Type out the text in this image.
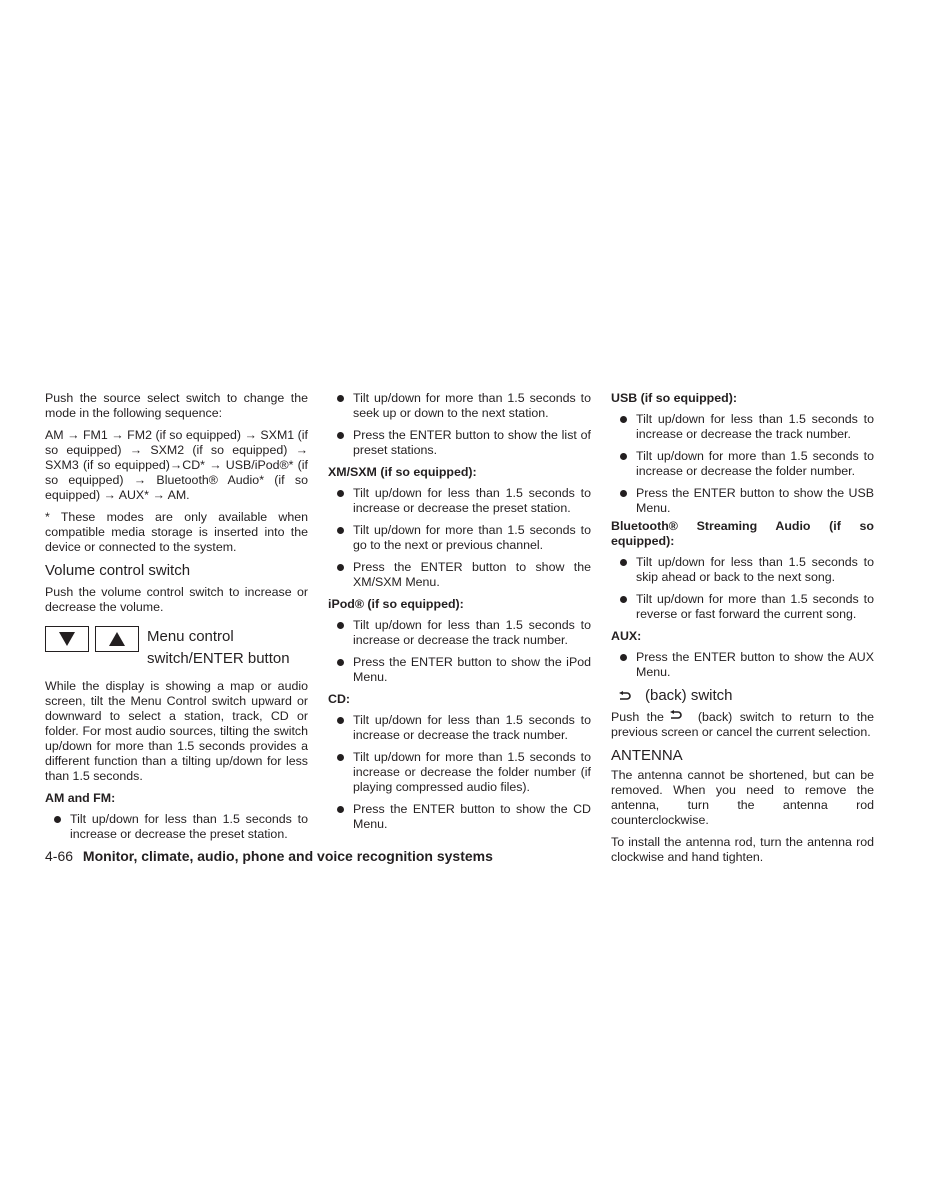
Push the source select switch to change the mode in the following sequence:

AM → FM1 → FM2 (if so equipped) → SXM1 (if so equipped) → SXM2 (if so equipped) → SXM3 (if so equipped)→CD* → USB/iPod®* (if so equipped) → Bluetooth® Audio* (if so equipped) → AUX* → AM.

* These modes are only available when compatible media storage is inserted into the device or connected to the system.

Volume control switch

Push the volume control switch to increase or decrease the volume.

Menu control
switch/ENTER button

While the display is showing a map or audio screen, tilt the Menu Control switch upward or downward to select a station, track, CD or folder. For most audio sources, tilting the switch up/down for more than 1.5 seconds provides a different function than a tilting up/down for less than 1.5 seconds.

AM and FM:
Tilt up/down for less than 1.5 seconds to increase or decrease the preset station.
Tilt up/down for more than 1.5 seconds to seek up or down to the next station.
Press the ENTER button to show the list of preset stations.
XM/SXM (if so equipped):
Tilt up/down for less than 1.5 seconds to increase or decrease the preset station.
Tilt up/down for more than 1.5 seconds to go to the next or previous channel.
Press the ENTER button to show the XM/SXM Menu.
iPod® (if so equipped):
Tilt up/down for less than 1.5 seconds to increase or decrease the track number.
Press the ENTER button to show the iPod Menu.
CD:
Tilt up/down for less than 1.5 seconds to increase or decrease the track number.
Tilt up/down for more than 1.5 seconds to increase or decrease the folder number (if playing compressed audio files).
Press the ENTER button to show the CD Menu.
USB (if so equipped):
Tilt up/down for less than 1.5 seconds to increase or decrease the track number.
Tilt up/down for more than 1.5 seconds to increase or decrease the folder number.
Press the ENTER button to show the USB Menu.
Bluetooth® Streaming Audio (if so equipped):
Tilt up/down for less than 1.5 seconds to skip ahead or back to the next song.
Tilt up/down for more than 1.5 seconds to reverse or fast forward the current song.
AUX:
Press the ENTER button to show the AUX Menu.
(back) switch

Push the	(back) switch to return to the previous screen or cancel the current selection.

ANTENNA

The antenna cannot be shortened, but can be removed. When you need to remove the antenna, turn the antenna rod counterclockwise.

To install the antenna rod, turn the antenna rod clockwise and hand tighten.

4-66 Monitor, climate, audio, phone and voice recognition systems
